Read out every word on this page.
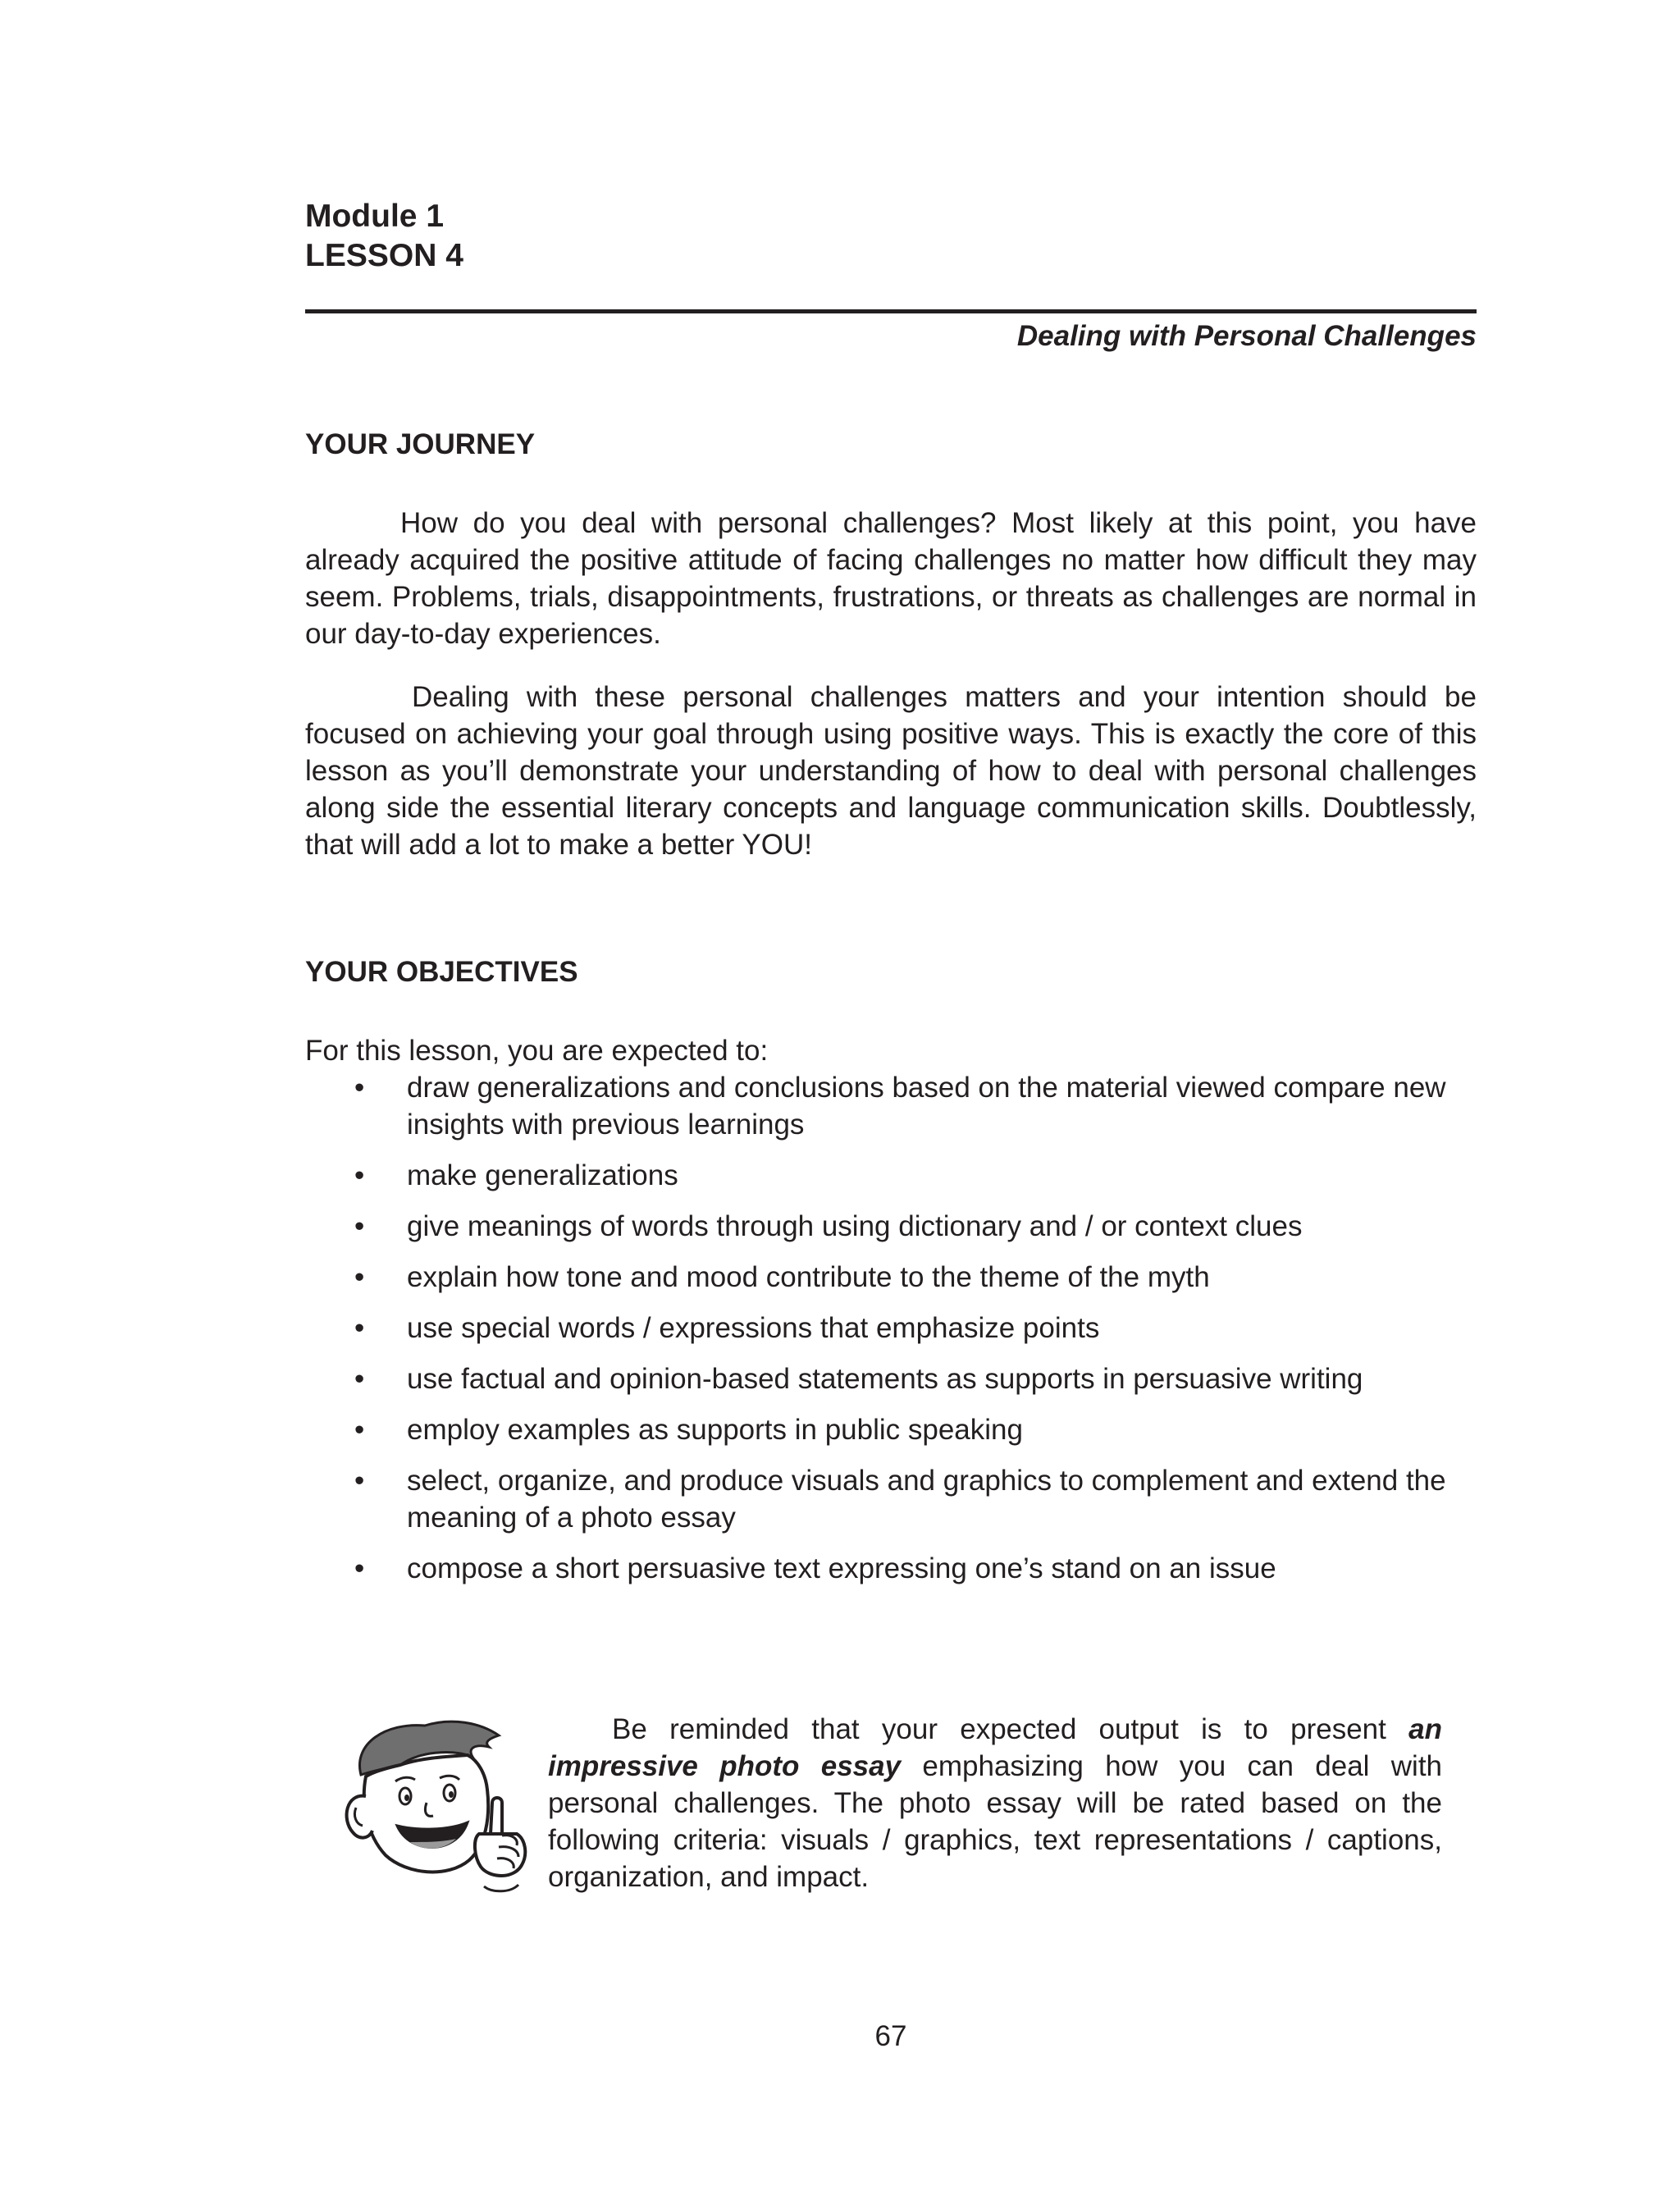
Module 1
LESSON 4
Dealing with Personal Challenges
YOUR JOURNEY

How do you deal with personal challenges? Most likely at this point, you have already acquired the positive attitude of facing challenges no matter how difficult they may seem. Problems, trials, disappointments, frustrations, or threats as challenges are normal in our day-to-day experiences.

Dealing with these personal challenges matters and your intention should be focused on achieving your goal through using positive ways. This is exactly the core of this lesson as you’ll demonstrate your understanding of how to deal with personal challenges along side the essential literary concepts and language communication skills. Doubtlessly, that will add a lot to make a better YOU!

YOUR OBJECTIVES
For this lesson, you are expected to:
• draw generalizations and conclusions based on the material viewed compare new insights with previous learnings
• make generalizations
• give meanings of words through using dictionary and / or context clues
• explain how tone and mood contribute to the theme of the myth
• use special words / expressions that emphasize points
• use factual and opinion-based statements as supports in persuasive writing
• employ examples as supports in public speaking
• select, organize, and produce visuals and graphics to complement and extend the meaning of a photo essay
• compose a short persuasive text expressing one’s stand on an issue

Be reminded that your expected output is to present an impressive photo essay emphasizing how you can deal with personal challenges. The photo essay will be rated based on the following criteria: visuals / graphics, text representations / captions, organization, and impact.

67
